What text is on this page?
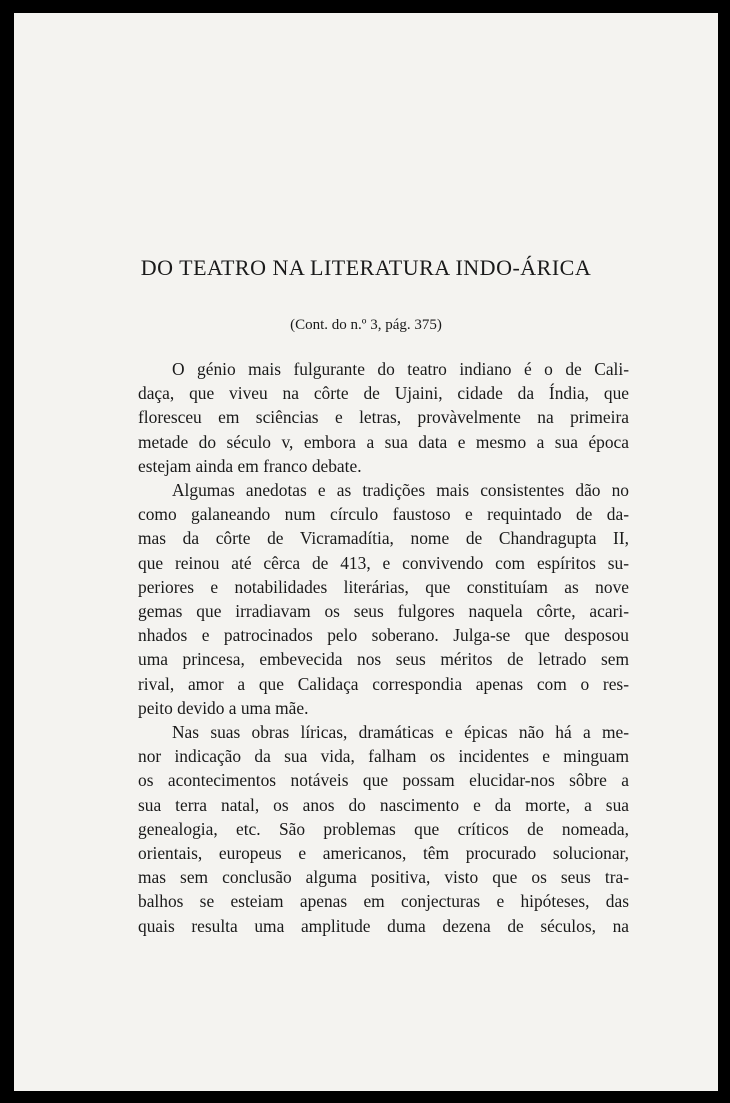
DO TEATRO NA LITERATURA INDO-ÁRICA
(Cont. do n.º 3, pág. 375)
O génio mais fulgurante do teatro indiano é o de Cali-
daça, que viveu na côrte de Ujaini, cidade da Índia, que
floresceu em sciências e letras, provàvelmente na primeira
metade do século v, embora a sua data e mesmo a sua época
estejam ainda em franco debate.
Algumas anedotas e as tradições mais consistentes dão no
como galaneando num círculo faustoso e requintado de da-
mas da côrte de Vicramadítia, nome de Chandragupta II,
que reinou até cêrca de 413, e convivendo com espíritos su-
periores e notabilidades literárias, que constituíam as nove
gemas que irradiavam os seus fulgores naquela côrte, acari-
nhados e patrocinados pelo soberano. Julga-se que desposou
uma princesa, embevecida nos seus méritos de letrado sem
rival, amor a que Calidaça correspondia apenas com o res-
peito devido a uma mãe.
Nas suas obras líricas, dramáticas e épicas não há a me-
nor indicação da sua vida, falham os incidentes e minguam
os acontecimentos notáveis que possam elucidar-nos sôbre a
sua terra natal, os anos do nascimento e da morte, a sua
genealogia, etc. São problemas que críticos de nomeada,
orientais, europeus e americanos, têm procurado solucionar,
mas sem conclusão alguma positiva, visto que os seus tra-
balhos se esteiam apenas em conjecturas e hipóteses, das
quais resulta uma amplitude duma dezena de séculos, na
